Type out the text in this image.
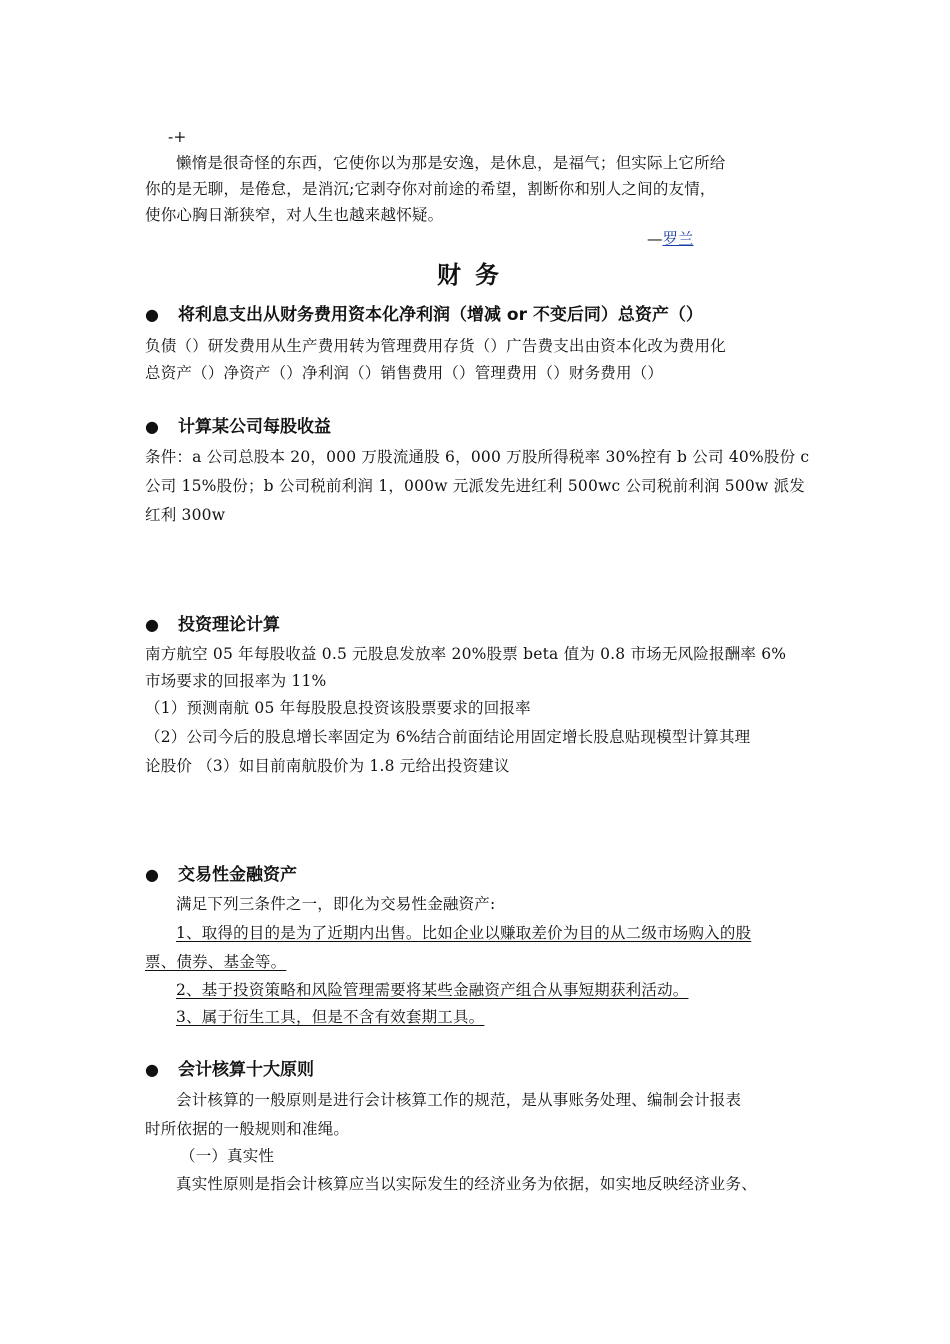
-+
懒惰是很奇怪的东西，它使你以为那是安逸，是休息，是福气；但实际上它所给
你的是无聊，是倦怠，是消沉;它剥夺你对前途的希望，割断你和别人之间的友情，
使你心胸日渐狭窄，对人生也越来越怀疑。
—罗兰
财务
● 将利息支出从财务费用资本化净利润（增减 or 不变后同）总资产（）
负债（）研发费用从生产费用转为管理费用存货（）广告费支出由资本化改为费用化
总资产（）净资产（）净利润（）销售费用（）管理费用（）财务费用（）
● 计算某公司每股收益
条件：a 公司总股本 20，000 万股流通股 6，000 万股所得税率 30%控有 b 公司 40%股份 c
公司 15%股份；b 公司税前利润 1，000w 元派发先进红利 500wc 公司税前利润 500w 派发
红利 300w
● 投资理论计算
南方航空 05 年每股收益 0.5 元股息发放率 20%股票 beta 值为 0.8 市场无风险报酬率 6%
市场要求的回报率为 11%
（1）预测南航 05 年每股股息投资该股票要求的回报率
（2）公司今后的股息增长率固定为 6%结合前面结论用固定增长股息贴现模型计算其理
论股价 （3）如目前南航股价为 1.8 元给出投资建议
● 交易性金融资产
满足下列三条件之一，即化为交易性金融资产:
1、取得的目的是为了近期内出售。比如企业以赚取差价为目的从二级市场购入的股
票、债券、基金等。
2、基于投资策略和风险管理需要将某些金融资产组合从事短期获利活动。
3、属于衍生工具，但是不含有效套期工具。
● 会计核算十大原则
会计核算的一般原则是进行会计核算工作的规范，是从事账务处理、编制会计报表
时所依据的一般规则和准绳。
（一）真实性
真实性原则是指会计核算应当以实际发生的经济业务为依据，如实地反映经济业务、
